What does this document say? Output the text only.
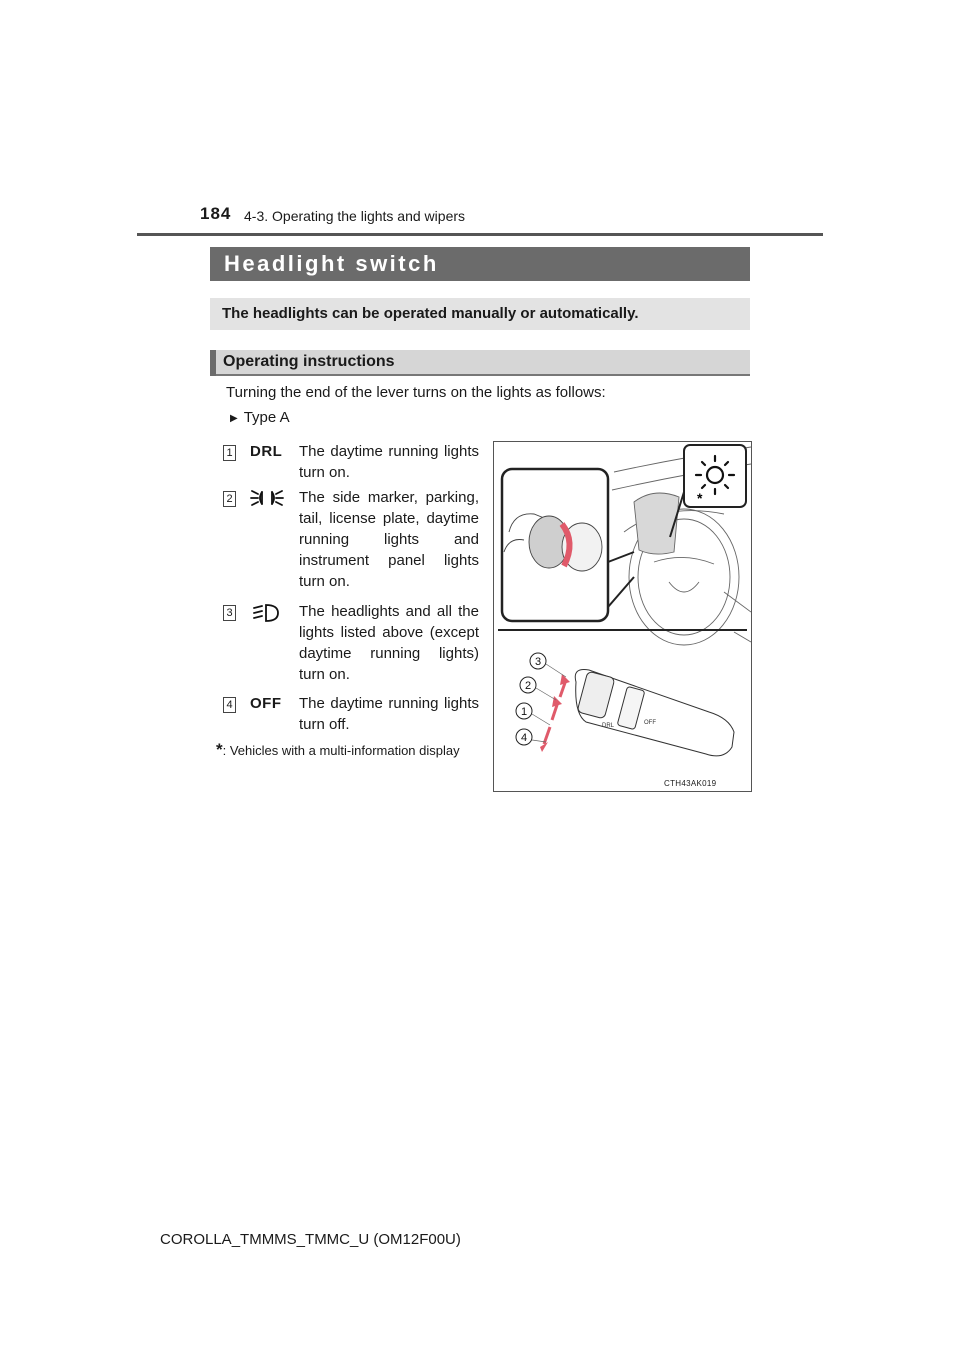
184 4-3. Operating the lights and wipers
Headlight switch
The headlights can be operated manually or automatically.
Operating instructions
Turning the end of the lever turns on the lights as follows:
▶ Type A
1 DRL The daytime running lights turn on.
2	The side marker, parking, tail, license plate, daytime running lights and instrument panel lights turn on.
3	The headlights and all the lights listed above (except daytime running lights) turn on.
4 OFF The daytime running lights turn off.
*: Vehicles with a multi-information display
*
DRL	OFF
3
2
1
4
CTH43AK019
COROLLA_TMMMS_TMMC_U (OM12F00U)
